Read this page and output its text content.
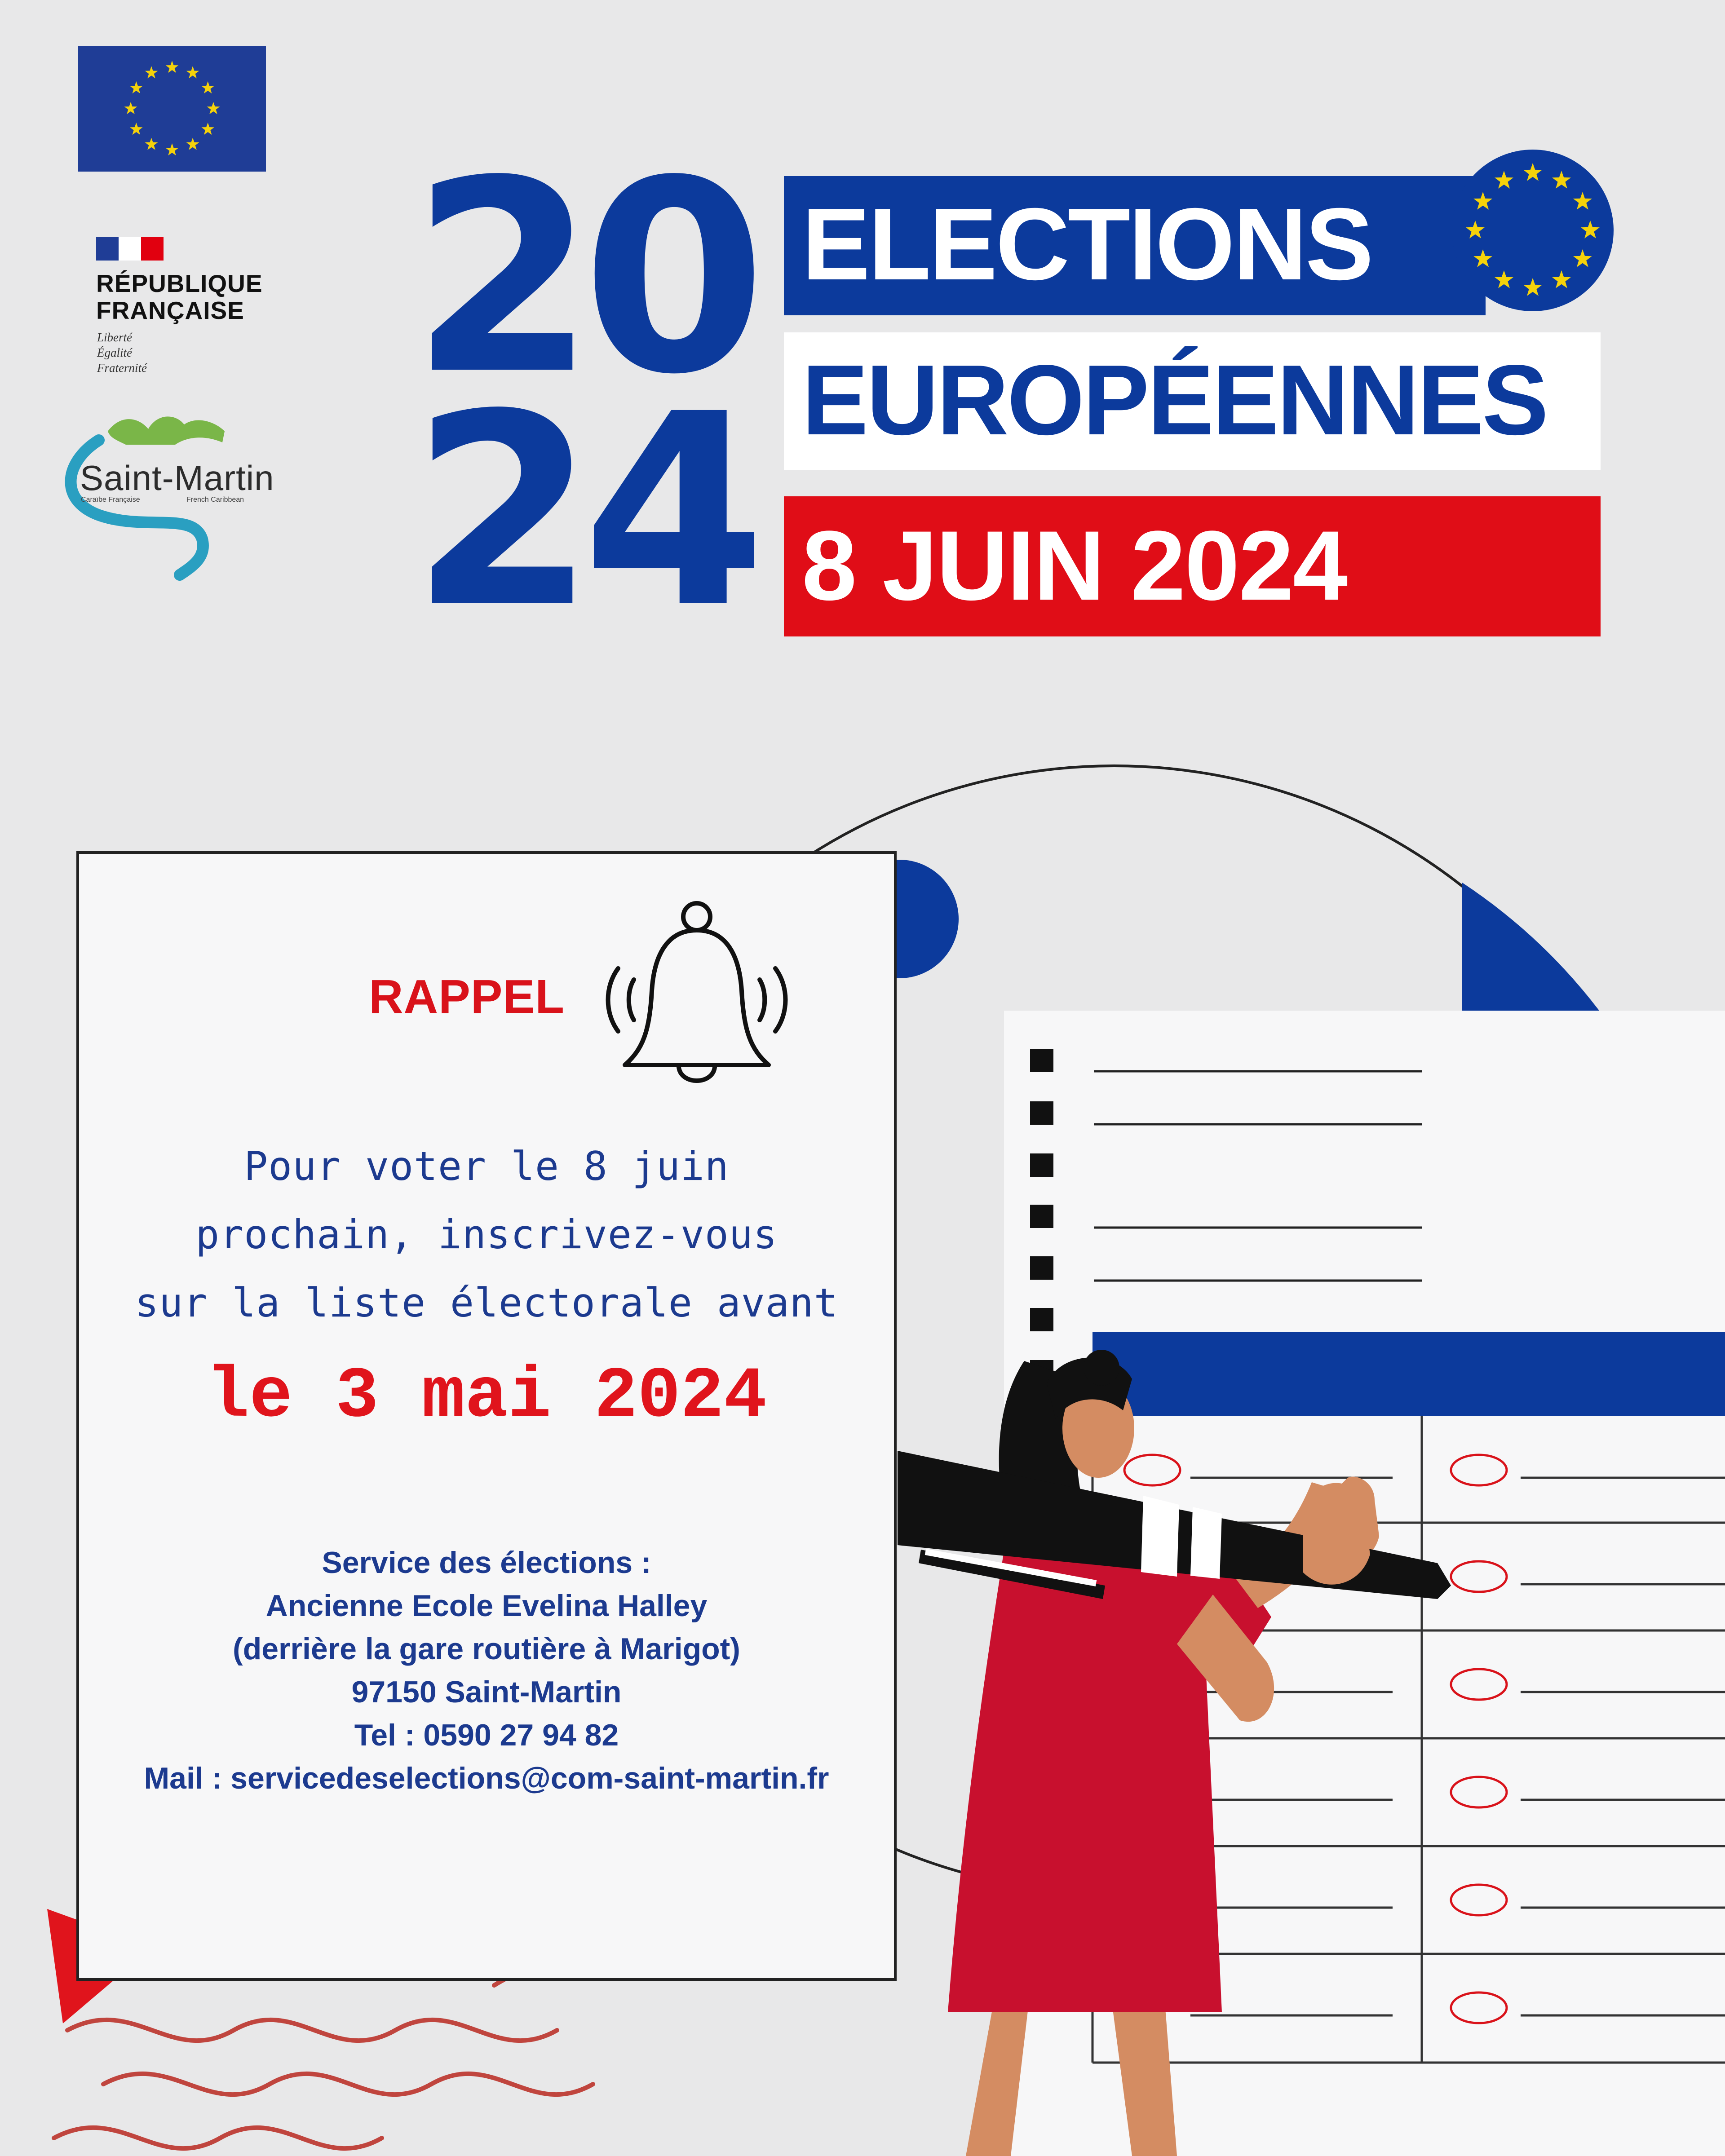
RÉPUBLIQUE
FRANÇAISE
Liberté
Égalité
Fraternité
Saint-Martin
Caraïbe Française	French Caribbean
20
24
ELECTIONS
EUROPÉENNES
8 JUIN 2024
RAPPEL
Pour voter le 8 juin
prochain, inscrivez-vous
sur la liste électorale avant
le 3 mai 2024
Service des élections :
Ancienne Ecole Evelina Halley
(derrière la gare routière à Marigot)
97150 Saint-Martin
Tel : 0590 27 94 82
Mail : servicedeselections@com-saint-martin.fr
